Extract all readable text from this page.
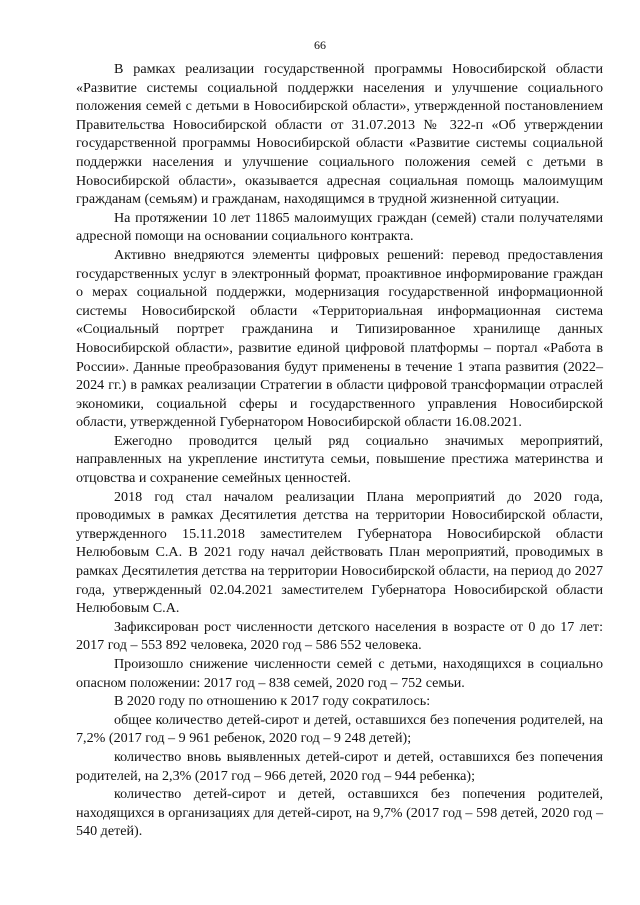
66

В рамках реализации государственной программы Новосибирской области «Развитие системы социальной поддержки населения и улучшение социального положения семей с детьми в Новосибирской области», утвержденной постановлением Правительства Новосибирской области от 31.07.2013 № 322-п «Об утверждении государственной программы Новосибирской области «Развитие системы социальной поддержки населения и улучшение социального положения семей с детьми в Новосибирской области», оказывается адресная социальная помощь малоимущим гражданам (семьям) и гражданам, находящимся в трудной жизненной ситуации.

На протяжении 10 лет 11865 малоимущих граждан (семей) стали получателями адресной помощи на основании социального контракта.

Активно внедряются элементы цифровых решений: перевод предоставления государственных услуг в электронный формат, проактивное информирование граждан о мерах социальной поддержки, модернизация государственной информационной системы Новосибирской области «Территориальная информационная система «Социальный портрет гражданина и Типизированное хранилище данных Новосибирской области», развитие единой цифровой платформы – портал «Работа в России». Данные преобразования будут применены в течение 1 этапа развития (2022–2024 гг.) в рамках реализации Стратегии в области цифровой трансформации отраслей экономики, социальной сферы и государственного управления Новосибирской области, утвержденной Губернатором Новосибирской области 16.08.2021.

Ежегодно проводится целый ряд социально значимых мероприятий, направленных на укрепление института семьи, повышение престижа материнства и отцовства и сохранение семейных ценностей.

2018 год стал началом реализации Плана мероприятий до 2020 года, проводимых в рамках Десятилетия детства на территории Новосибирской области, утвержденного 15.11.2018 заместителем Губернатора Новосибирской области Нелюбовым С.А. В 2021 году начал действовать План мероприятий, проводимых в рамках Десятилетия детства на территории Новосибирской области, на период до 2027 года, утвержденный 02.04.2021 заместителем Губернатора Новосибирской области Нелюбовым С.А.

Зафиксирован рост численности детского населения в возрасте от 0 до 17 лет: 2017 год – 553 892 человека, 2020 год – 586 552 человека.

Произошло снижение численности семей с детьми, находящихся в социально опасном положении: 2017 год – 838 семей, 2020 год – 752 семьи.

В 2020 году по отношению к 2017 году сократилось:

общее количество детей-сирот и детей, оставшихся без попечения родителей, на 7,2% (2017 год – 9 961 ребенок, 2020 год – 9 248 детей);

количество вновь выявленных детей-сирот и детей, оставшихся без попечения родителей, на 2,3% (2017 год – 966 детей, 2020 год – 944 ребенка);

количество детей-сирот и детей, оставшихся без попечения родителей, находящихся в организациях для детей-сирот, на 9,7% (2017 год – 598 детей, 2020 год – 540 детей).
